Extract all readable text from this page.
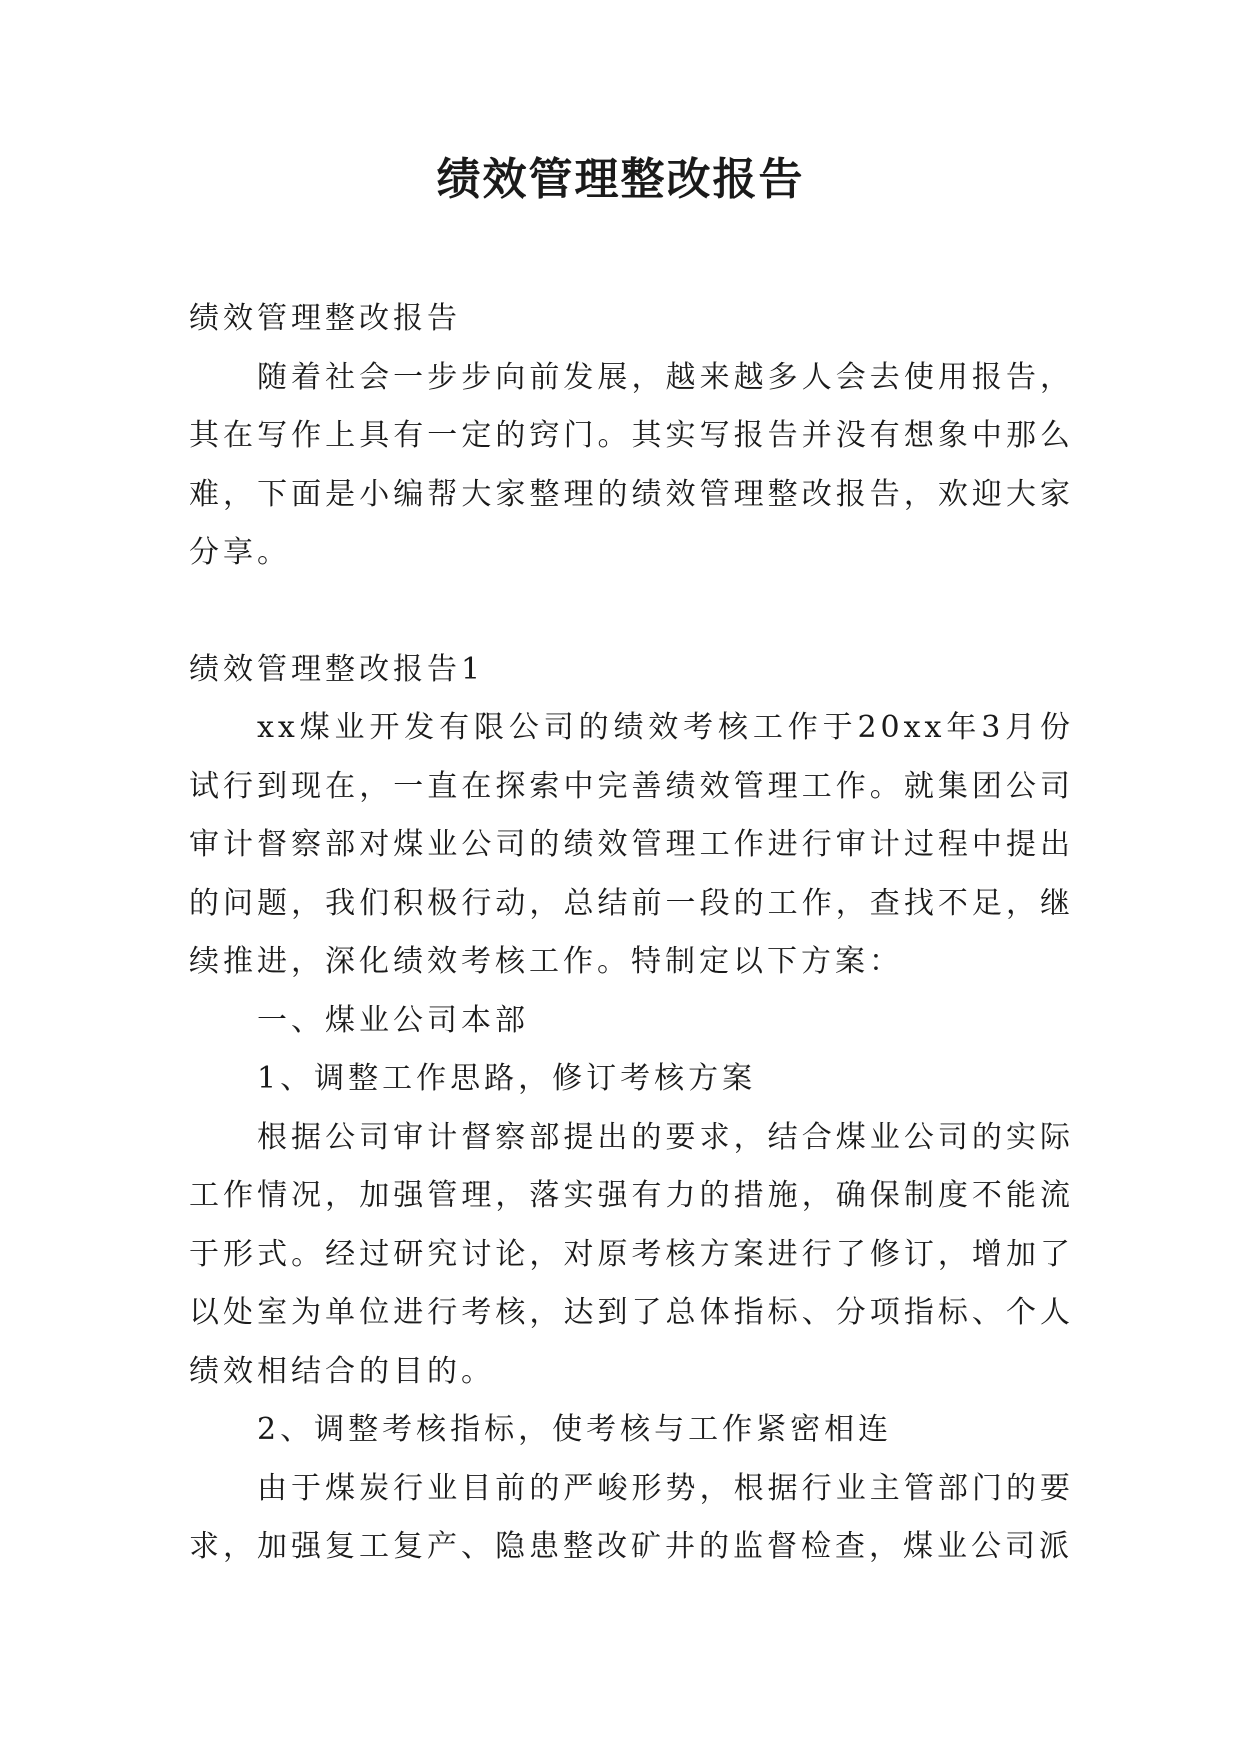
绩效管理整改报告

绩效管理整改报告

随着社会一步步向前发展，越来越多人会去使用报告，其在写作上具有一定的窍门。其实写报告并没有想象中那么难，下面是小编帮大家整理的绩效管理整改报告，欢迎大家分享。

绩效管理整改报告1

xx煤业开发有限公司的绩效考核工作于20xx年3月份试行到现在，一直在探索中完善绩效管理工作。就集团公司审计督察部对煤业公司的绩效管理工作进行审计过程中提出的问题，我们积极行动，总结前一段的工作，查找不足，继续推进，深化绩效考核工作。特制定以下方案：

一、煤业公司本部

1、调整工作思路，修订考核方案

根据公司审计督察部提出的要求，结合煤业公司的实际工作情况，加强管理，落实强有力的措施，确保制度不能流于形式。经过研究讨论，对原考核方案进行了修订，增加了以处室为单位进行考核，达到了总体指标、分项指标、个人绩效相结合的目的。

2、调整考核指标，使考核与工作紧密相连

由于煤炭行业目前的严峻形势，根据行业主管部门的要求，加强复工复产、隐患整改矿井的监督检查，煤业公司派
